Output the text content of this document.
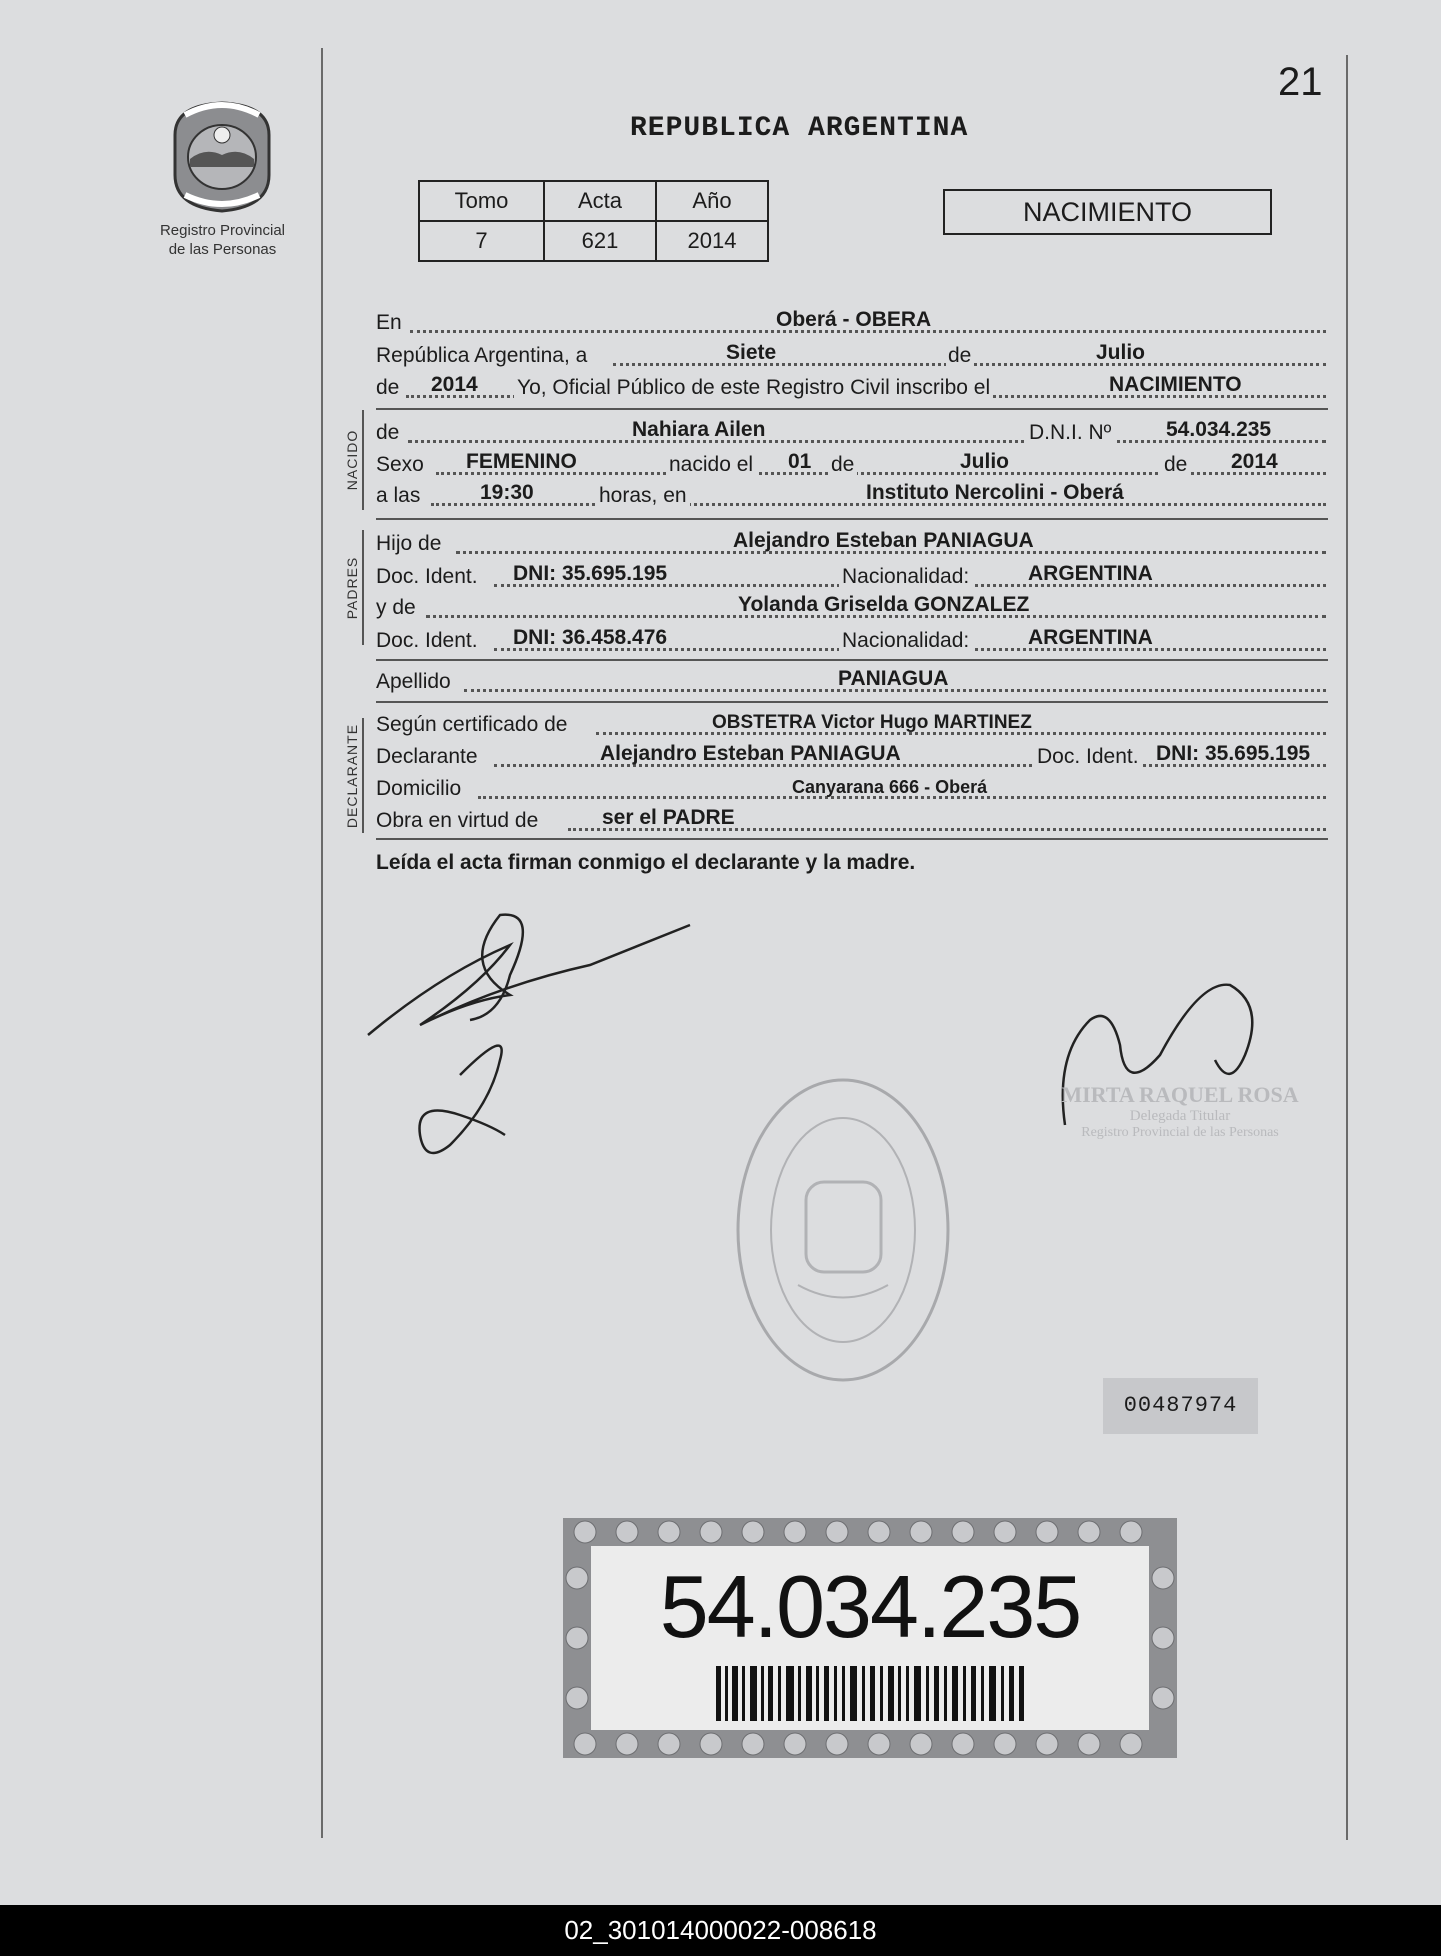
21
Registro Provincial
de las Personas
REPUBLICA ARGENTINA
Tomo	Acta	Año
7	621	2014
NACIMIENTO
En	Oberá - OBERA
República Argentina, a	Siete	de	Julio
de 2014 Yo, Oficial Público de este Registro Civil inscribo el	NACIMIENTO
NACIDO de	Nahiara Ailen	D.N.I. Nº	54.034.235
Sexo FEMENINO	nacido el 01 de	Julio	de 2014
a las	19:30	horas, en	Instituto Nercolini - Oberá
PADRES
Hijo de	Alejandro Esteban PANIAGUA
Doc. Ident. DNI: 35.695.195	Nacionalidad:	ARGENTINA
y de	Yolanda Griselda GONZALEZ
Doc. Ident. DNI: 36.458.476	Nacionalidad:	ARGENTINA
Apellido	PANIAGUA
DECLARANTE Según certificado de	OBSTETRA Victor Hugo MARTINEZ
Declarante	Alejandro Esteban PANIAGUA	Doc. Ident. DNI: 35.695.195
Domicilio	Canyarana 666 - Oberá
Obra en virtud de	ser el PADRE
Leída el acta firman conmigo el declarante y la madre.
MIRTA RAQUEL ROSA
Delegada Titular
Registro Provincial de las Personas
00487974
54.034.235
02_301014000022-008618
